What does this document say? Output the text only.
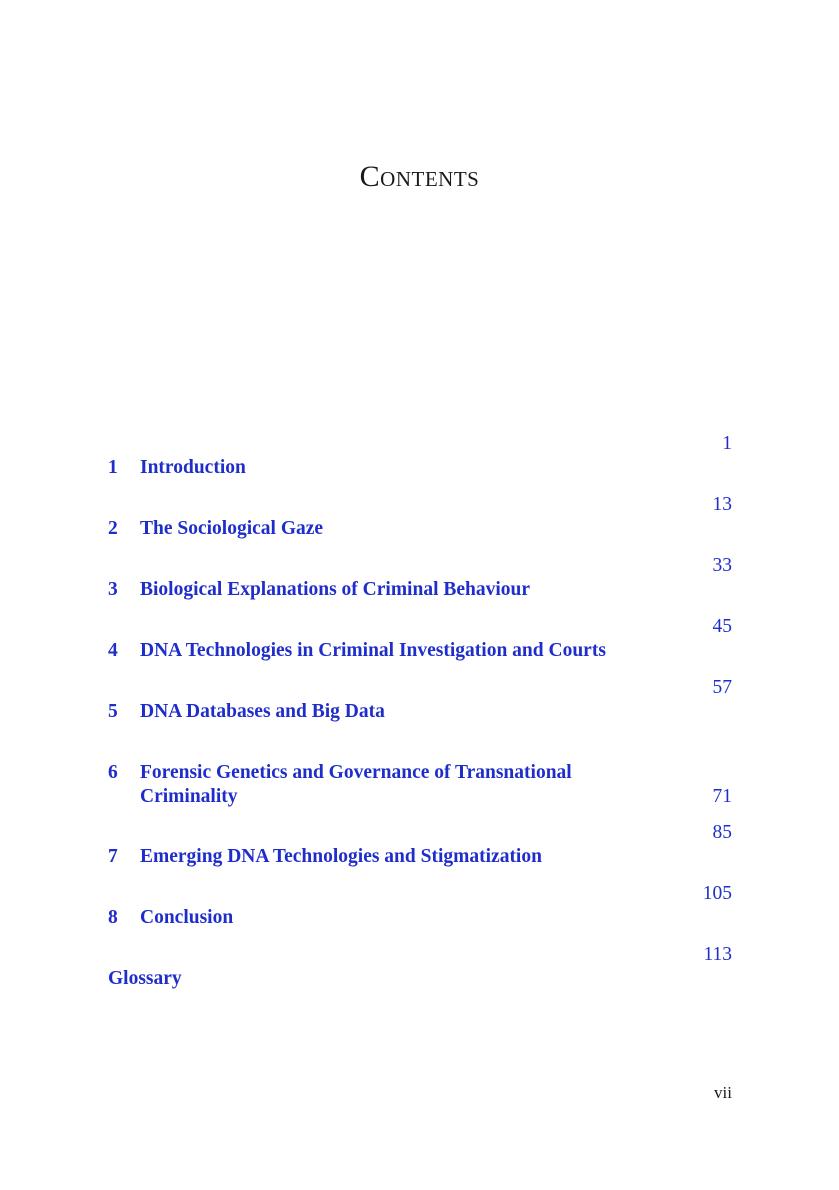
Contents
1 Introduction
1
2 The Sociological Gaze
13
3 Biological Explanations of Criminal Behaviour
33
4 DNA Technologies in Criminal Investigation and Courts
45
5 DNA Databases and Big Data
57
6 Forensic Genetics and Governance of Transnational Criminality	71
7 Emerging DNA Technologies and Stigmatization
85
8 Conclusion
105
Glossary
113
vii
